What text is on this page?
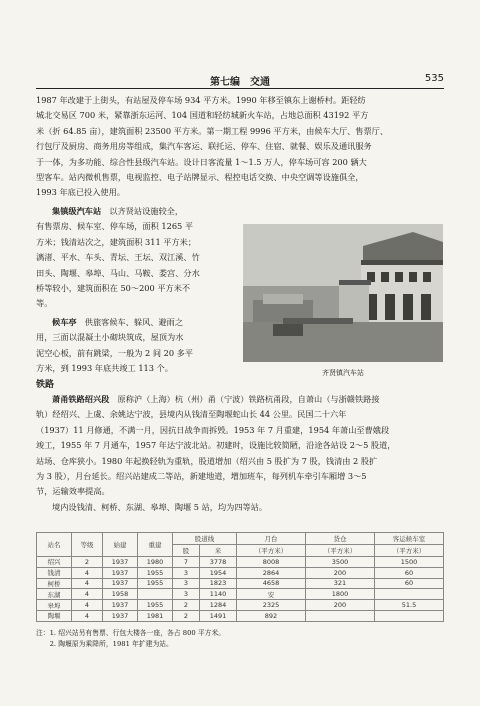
第七编　交通	535
1987 年改建于上街头，有站屋及停车场 934 平方米。1990 年移至镇东上谢桥村。距轻纺
城北交易区 700 米，紧靠浙东运河、104 国道和轻纺城新火车站，占地总面积 43192 平方
米（折 64.85 亩），建筑面积 23500 平方米。第一期工程 9996 平方米，由候车大厅、售票厅、
行包厅及厨房、商务用房等组成，集汽车客运、联托运、停车、住宿、就餐、娱乐及通讯服务
于一体，为多功能、综合性县级汽车站。设计日客流量 1～1.5 万人，停车场可容 200 辆大
型客车。站内微机售票，电视监控、电子站牌显示、程控电话交换、中央空调等设施俱全，
1993 年底已投入使用。
集镇级汽车站　 以齐贤站设施较全，
有售票房、候车室、停车场，面积 1265 平
方米；钱清站次之，建筑面积 311 平方米；
漓渚、平水、车头、青坛、王坛、双江溪、竹
田头、陶堰、皋埠、马山、马鞍、娄宫、分水
桥等较小，建筑面积在 50～200 平方米不
等。
候车亭　 供旅客候车、躲风、避雨之
用，三面以混凝土小砌块筑成，屋顶为水
泥空心板，前有跳梁，一般为 2 间 20 多平
方米，到 1993 年底共竣工 113 个。	齐贤镇汽车站
铁路
萧甬铁路绍兴段　 原称沪（上海）杭（州）甬（宁波）铁路杭甬段，自萧山（与浙赣铁路接
轨）经绍兴、上虞、余姚达宁波，县境内从钱清至陶堰蛇山长 44 公里。民国二十六年
（1937）11 月修通，不满一月，因抗日战争而拆毁。1953 年 7 月重建，1954 年萧山至曹娥段
竣工，1955 年 7 月通车，1957 年达宁波北站。初建时，设施比较简陋，沿途各站设 2～5 股道，
站场、仓库狭小。1980 年起换轻轨为重轨，股道增加（绍兴由 5 股扩为 7 股，钱清由 2 股扩
为 3 股），月台延长。绍兴站建成二等站，新建地道，增加班车，每列机车牵引车厢增 3～5
节，运输效率提高。
境内设钱清、柯桥、东湖、皋埠、陶堰 5 站，均为四等站。
站名	等级	始建	重建	股道线		月台	货仓	客运候车室
				股	米	（平方米）	（平方米）	（平方米）
绍兴	2	1937	1980	7	3778	8008	3500	1500
钱清	4	1937	1955	3	1954	2864	200	60
柯桥	4	1937	1955	3	1823	4658	321	60
东湖	4	1958		3	1140	安	1800	
皋埠	4	1937	1955	2	1284	2325	200	51.5
陶堰	4	1937	1981	2	1491	892		
注：1. 绍兴站另有售票、行包大楼各一座，各占 800 平方米。
　　2. 陶堰原为乘降所，1981 年扩建为站。
